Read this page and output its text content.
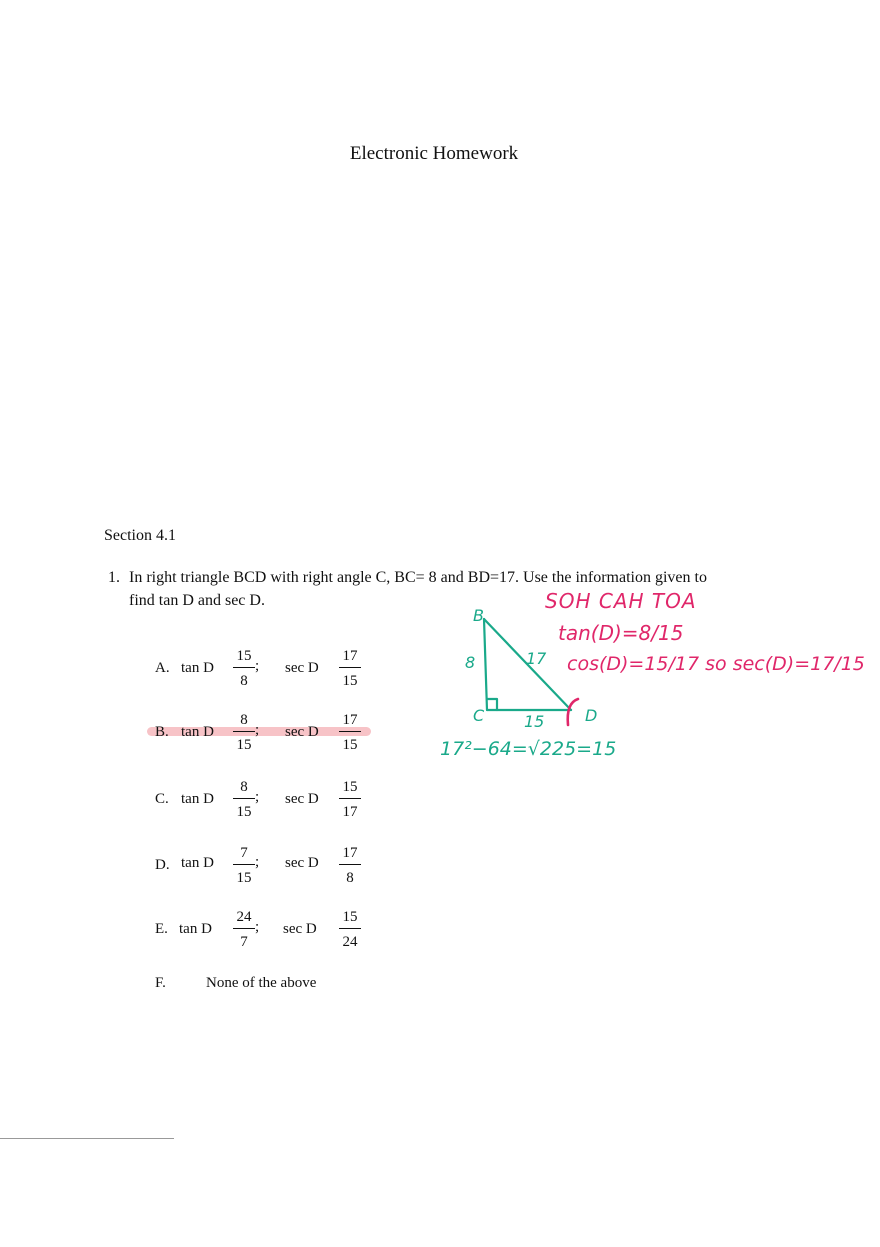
Electronic Homework
Section 4.1
1. In right triangle BCD with right angle C, BC= 8 and BD=17. Use the information given to
find tan D and sec D.
A. tan D
15
8
; sec D
17
15
B. tan D
8
15
; sec D
17
15
C. tan D
8
15
; sec D
15
17
D. tan D
7
15
; sec D
17
8
E. tan D
24
7
; sec D
15
24
F.	None of the above
B
C	D
8	17
15
SOH CAH TOA
tan(D)=8/15
cos(D)=15/17 so sec(D)=17/15
17²−64=√225=15
